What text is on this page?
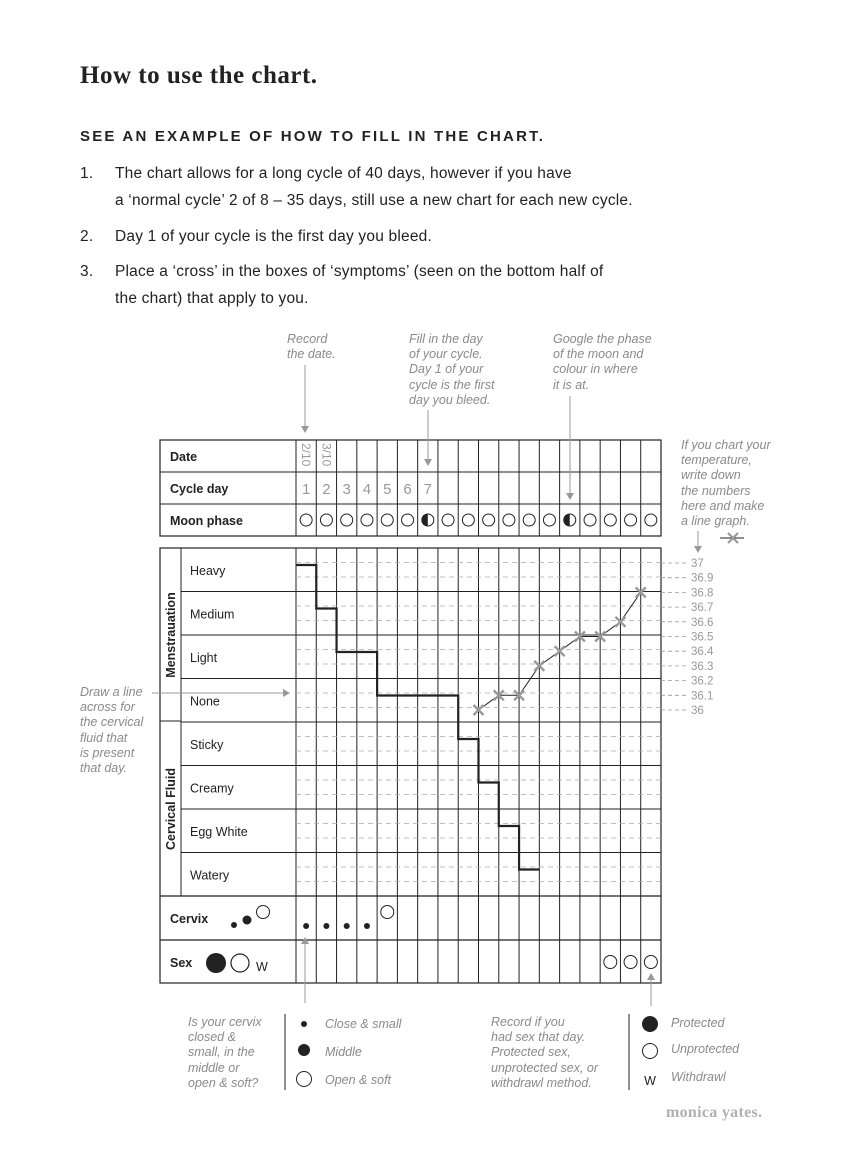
How to use the chart.
SEE AN EXAMPLE OF HOW TO FILL IN THE CHART.
1. The chart allows for a long cycle of 40 days, however if you have
a ‘normal cycle’ 2 of 8 – 35 days, still use a new chart for each new cycle.
2. Day 1 of your cycle is the first day you bleed.
3. Place a ‘cross’ in the boxes of ‘symptoms’ (seen on the bottom half of
the chart) that apply to you.
Record
the date.
Fill in the day
of your cycle.
Day 1 of your
cycle is the first
day you bleed.
Google the phase
of the moon and
colour in where
it is at.
If you chart your
temperature,
write down
the numbers
here and make
a line graph.
Draw a line
across for
the cervical
fluid that
is present
that day.
Is your cervix
closed &
small, in the
middle or
open & soft?
Record if you
had sex that day.
Protected sex,
unprotected sex, or
withdrawl method.
Close & small
Middle
Open & soft
Protected
Unprotected
Withdrawl
monica yates.
Date
Cycle day
Moon phase
2/10 3/10
1 2 3 4 5 6 7
Menstrauation
Cervical Fluid
Heavy
Medium
Light
None
Sticky
Creamy
Egg White
Watery
Cervix
Sex	W
37
36.9
36.8
36.7
36.6
36.5
36.4
36.3
36.2
36.1
36
W
